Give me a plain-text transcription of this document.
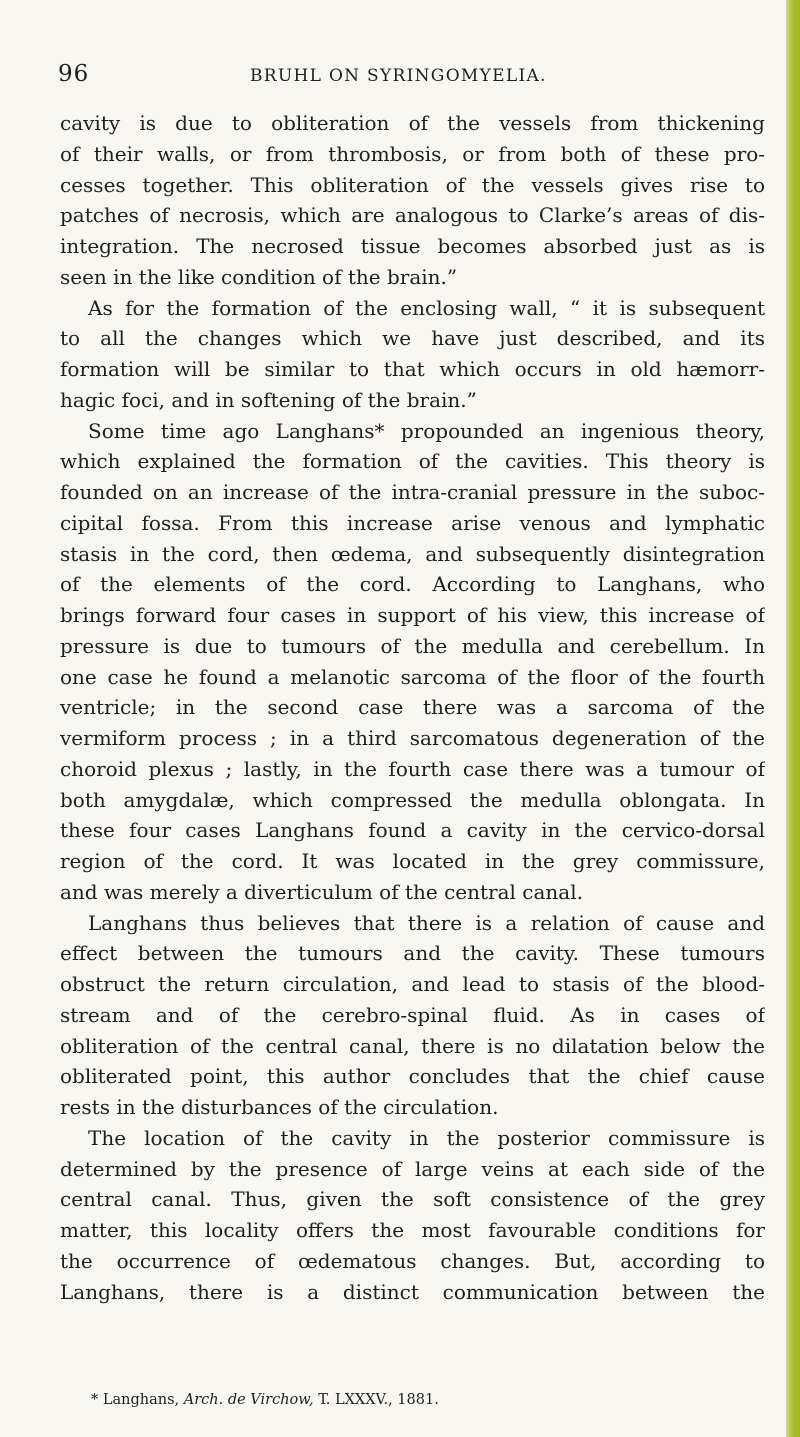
96	BRUHL ON SYRINGOMYELIA.
cavity is due to obliteration of the vessels from thickening
of their walls, or from thrombosis, or from both of these pro-
cesses together. This obliteration of the vessels gives rise to
patches of necrosis, which are analogous to Clarke’s areas of dis-
integration. The necrosed tissue becomes absorbed just as is
seen in the like condition of the brain.”
As for the formation of the enclosing wall, “ it is subsequent
to all the changes which we have just described, and its
formation will be similar to that which occurs in old hæmorr-
hagic foci, and in softening of the brain.”
Some time ago Langhans* propounded an ingenious theory,
which explained the formation of the cavities. This theory is
founded on an increase of the intra-cranial pressure in the suboc-
cipital fossa. From this increase arise venous and lymphatic
stasis in the cord, then œdema, and subsequently disintegration
of the elements of the cord. According to Langhans, who
brings forward four cases in support of his view, this increase of
pressure is due to tumours of the medulla and cerebellum. In
one case he found a melanotic sarcoma of the floor of the fourth
ventricle; in the second case there was a sarcoma of the
vermiform process ; in a third sarcomatous degeneration of the
choroid plexus ; lastly, in the fourth case there was a tumour of
both amygdalæ, which compressed the medulla oblongata. In
these four cases Langhans found a cavity in the cervico-dorsal
region of the cord. It was located in the grey commissure,
and was merely a diverticulum of the central canal.
Langhans thus believes that there is a relation of cause and
effect between the tumours and the cavity. These tumours
obstruct the return circulation, and lead to stasis of the blood-
stream and of the cerebro-spinal fluid. As in cases of
obliteration of the central canal, there is no dilatation below the
obliterated point, this author concludes that the chief cause
rests in the disturbances of the circulation.
The location of the cavity in the posterior commissure is
determined by the presence of large veins at each side of the
central canal. Thus, given the soft consistence of the grey
matter, this locality offers the most favourable conditions for
the occurrence of œdematous changes. But, according to
Langhans, there is a distinct communication between the
* Langhans, Arch. de Virchow, T. LXXXV., 1881.
